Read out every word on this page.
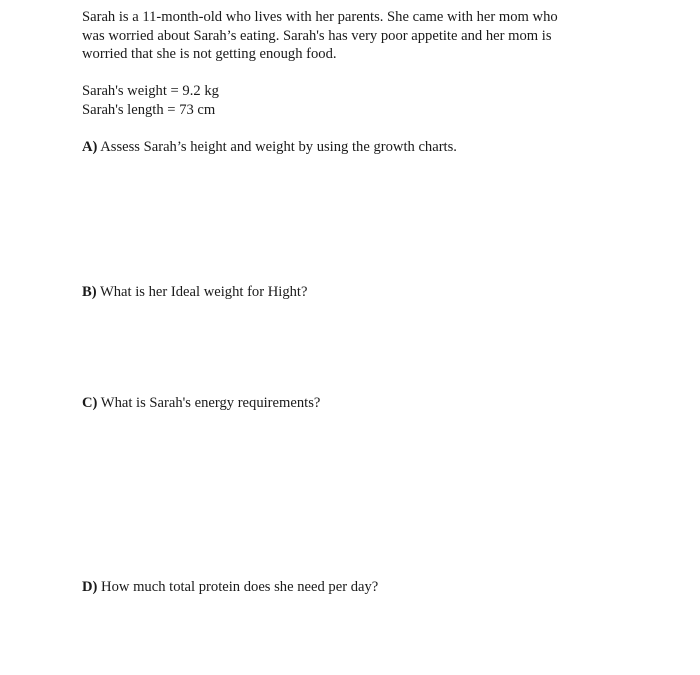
Sarah is a 11-month-old who lives with her parents. She came with her mom who
was worried about Sarah’s eating. Sarah's has very poor appetite and her mom is
worried that she is not getting enough food.

Sarah's weight = 9.2 kg
Sarah's length = 73 cm

A) Assess Sarah’s height and weight by using the growth charts.

B) What is her Ideal weight for Hight?

C) What is Sarah's energy requirements?

D) How much total protein does she need per day?
